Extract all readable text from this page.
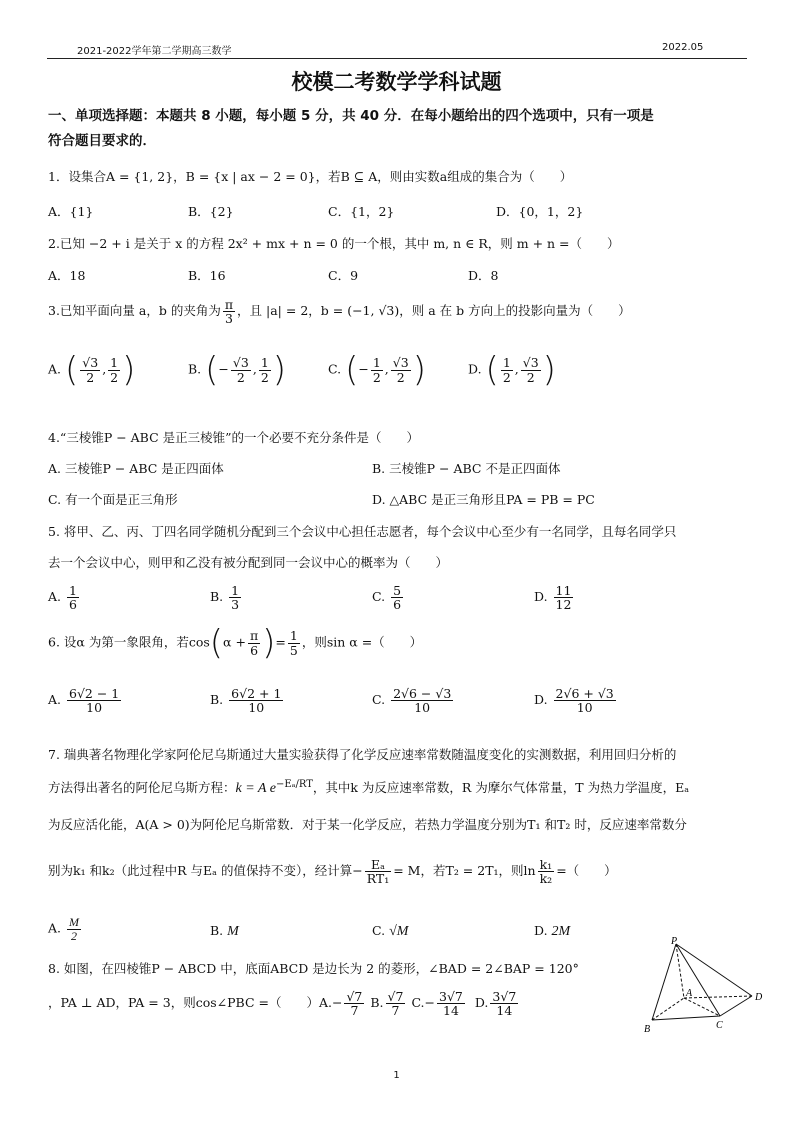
2021-2022学年第二学期高三数学	2022.05
校模二考数学学科试题
一、单项选择题：本题共 8 小题，每小题 5 分，共 40 分．在每小题给出的四个选项中，只有一项是
符合题目要求的．
1．设集合A = {1, 2}，B = {x | ax − 2 = 0}，若B ⊆ A，则由实数a组成的集合为（　　）
A．{1}	B．{2}	C．{1，2}	D．{0，1，2}
2.已知 −2 + i 是关于 x 的方程 2x² + mx + n = 0 的一个根，其中 m, n ∈ R，则 m + n =（　　）
A．18	B．16	C．9	D．8
3.已知平面向量 a，b 的夹角为 $\frac{\pi}{3}$ ，且 |a| = 2，b = (−1, √3)，则 a 在 b 方向上的投影向量为（　　）
A. ( $\frac{√3}{2}$ , $\frac{1}{2}$ )	B. (− $\frac{√3}{2}$ , $\frac{1}{2}$ )	C. (− $\frac{1}{2}$ , $\frac{√3}{2}$ )	D. ( $\frac{1}{2}$ , $\frac{√3}{2}$ )
4.“三棱锥P − ABC 是正三棱锥”的一个必要不充分条件是（　　）
A. 三棱锥P − ABC 是正四面体	B. 三棱锥P − ABC 不是正四面体
C. 有一个面是正三角形	D. △ABC 是正三角形且PA = PB = PC
5. 将甲、乙、丙、丁四名同学随机分配到三个会议中心担任志愿者，每个会议中心至少有一名同学，且每名同学只
去一个会议中心，则甲和乙没有被分配到同一会议中心的概率为（　　）
A. $\frac{1}{6}$	B. $\frac{1}{3}$	C. $\frac{5}{6}$	D. $\frac{11}{12}$
6. 设α 为第一象限角，若$\cos(\alpha + \frac{\pi}{6}$ )= $\frac{1}{5}$ ，则sin α =（　　）
A. $\frac{6√2 - 1}{10}$	B. $\frac{6√2 + 1}{10}$	C. $\frac{2√6 - √3}{10}$	D. $\frac{2√6 + √3}{10}$
7. 瑞典著名物理化学家阿伦尼乌斯通过大量实验获得了化学反应速率常数随温度变化的实测数据，利用回归分析的
方法得出著名的阿伦尼乌斯方程：k = A $e^{-E_a/RT}$，其中k 为反应速率常数，R 为摩尔气体常量，T 为热力学温度，Eₐ
为反应活化能，A(A > 0)为阿伦尼乌斯常数．对于某一化学反应，若热力学温度分别为T₁ 和T₂ 时，反应速率常数分
别为k₁ 和k₂（此过程中R 与Eₐ 的值保持不变），经计算− $\frac{\text{Eₐ}}{\text{RT₁}} = M$，若T₂ = 2T₁，则$\ln \frac{\text{k₁}}{\text{k₂}}$ =（　　）
A. $\frac{M}{2}$	B. M	C. √M	D. 2M
8. 如图，在四棱锥P − ABCD 中，底面ABCD 是边长为 2 的菱形，∠BAD = 2∠BAP = 120°
，PA ⊥ AD，PA = 3，则cos∠PBC =（　　）$A.- \frac{√7}{7} B$. $\frac{√7}{7} C.- \frac{3√7}{14} D$. $\frac{3√7}{14}$
P
A
B	C
D
1
